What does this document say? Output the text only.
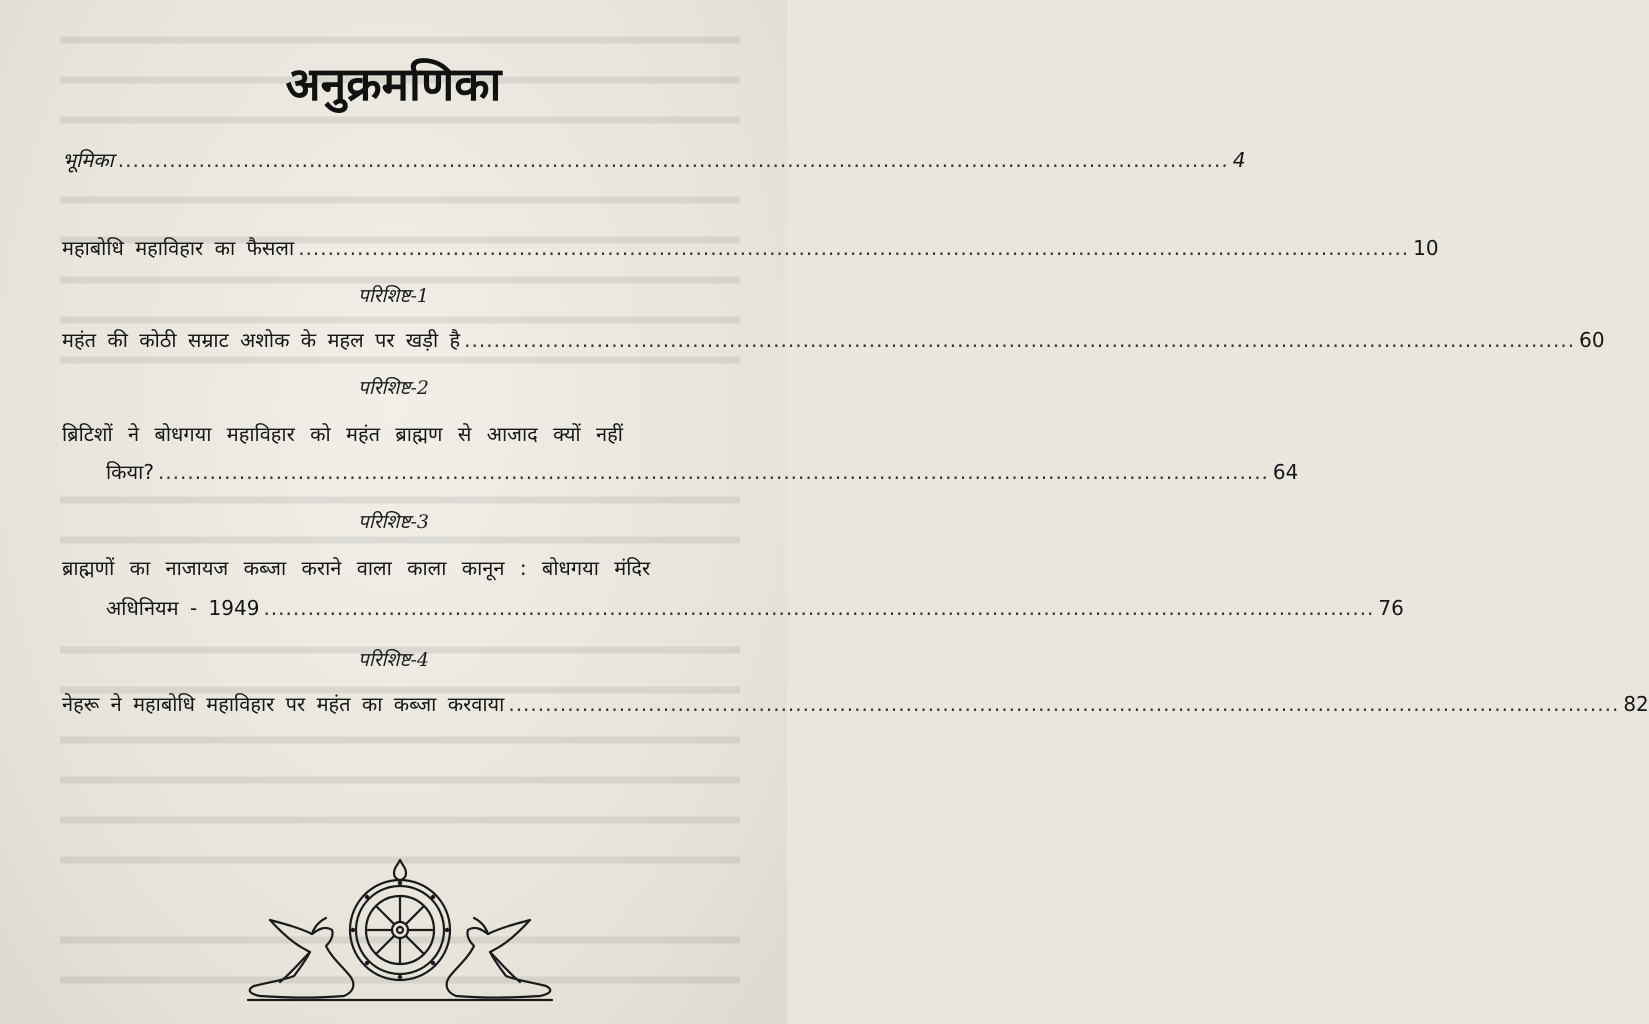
अनुक्रमणिका
भूमिका ....................................................................................................................................................... 4
महाबोधि महाविहार का फैसला ....................................................................................................................................................... 10
परिशिष्ट-1
महंत की कोठी सम्राट अशोक के महल पर खड़ी है ....................................................................................................................................................... 60
परिशिष्ट-2
ब्रिटिशों ने बोधगया महाविहार को महंत ब्राह्मण से आजाद क्यों नहीं
किया? ....................................................................................................................................................... 64
परिशिष्ट-3
ब्राह्मणों का नाजायज कब्जा कराने वाला काला कानून : बोधगया मंदिर
अधिनियम - 1949 ....................................................................................................................................................... 76
परिशिष्ट-4
नेहरू ने महाबोधि महाविहार पर महंत का कब्जा करवाया ....................................................................................................................................................... 82
